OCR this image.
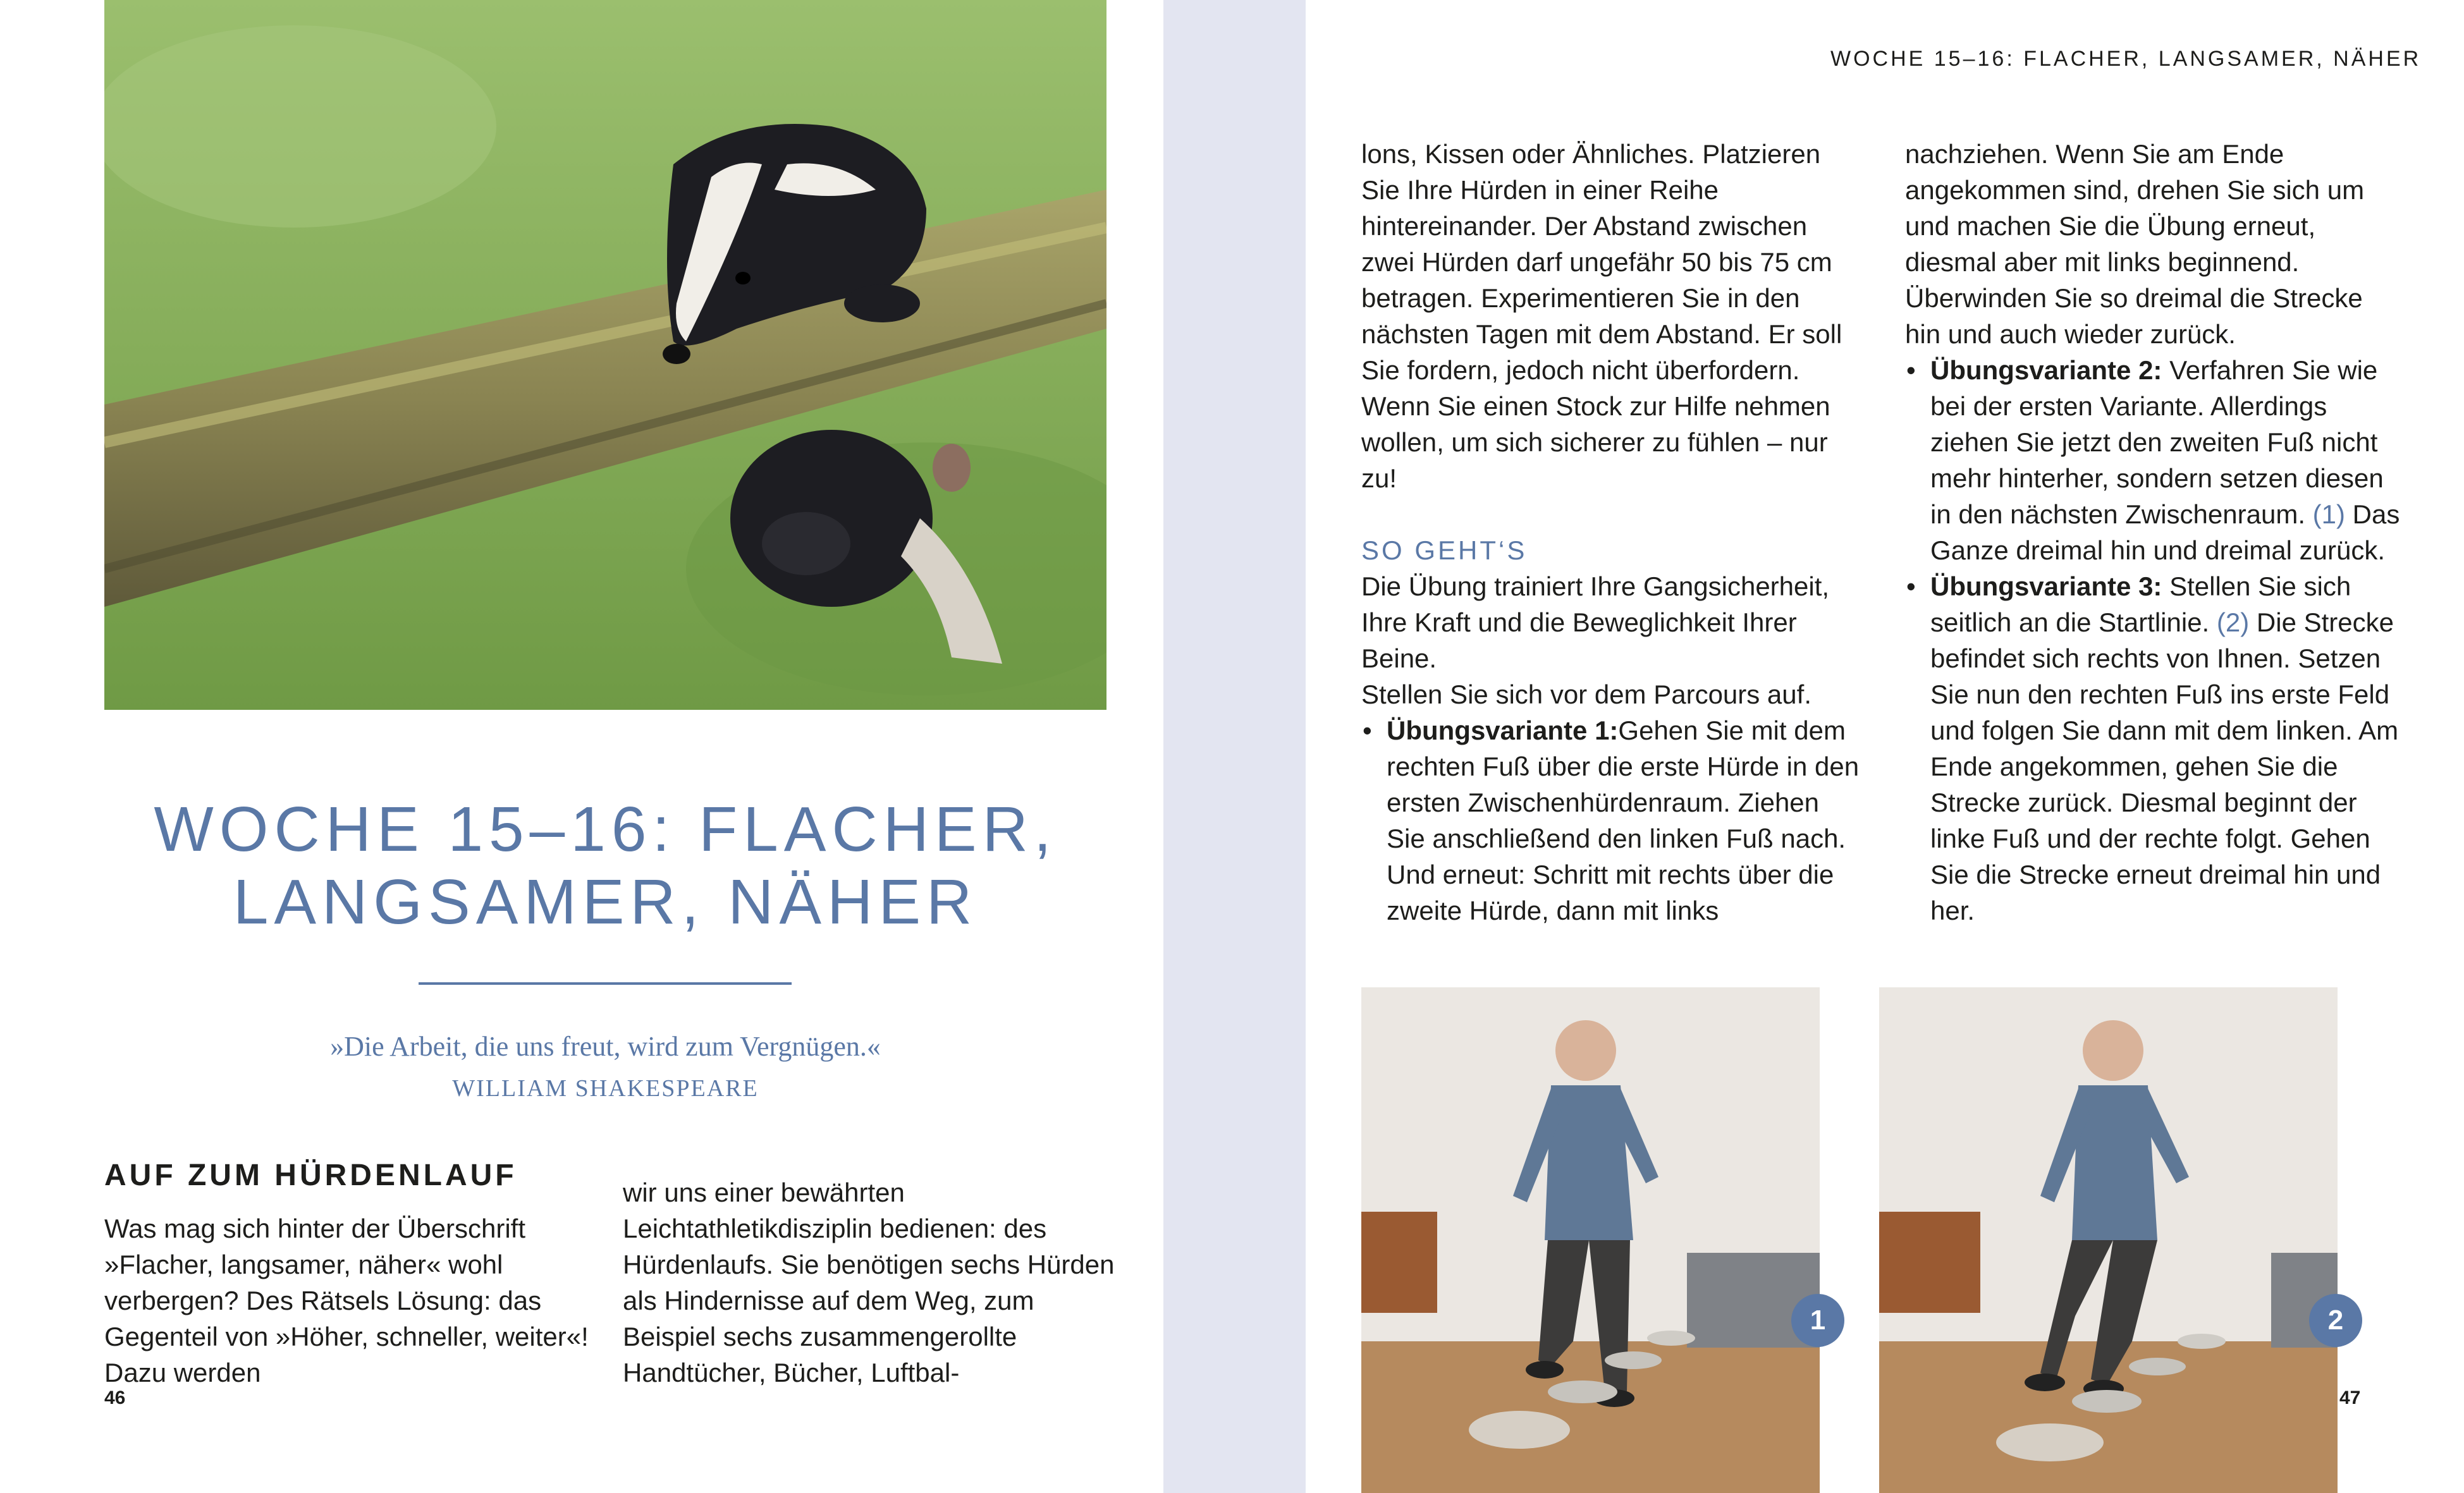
WOCHE 15–16: FLACHER,
LANGSAMER, NÄHER
»Die Arbeit, die uns freut, wird zum Vergnügen.«
WILLIAM SHAKESPEARE
AUF ZUM HÜRDENLAUF
Was mag sich hinter der Überschrift »Flacher, langsamer, näher« wohl verbergen? Des Rätsels Lösung: das Gegenteil von »Höher, schneller, weiter«! Dazu werden
wir uns einer bewährten Leichtathletikdisziplin bedienen: des Hürdenlaufs. Sie benötigen sechs Hürden als Hindernisse auf dem Weg, zum Beispiel sechs zusammengerollte Handtücher, Bücher, Luftbal-
46
WOCHE 15–16: FLACHER, LANGSAMER, NÄHER
lons, Kissen oder Ähnliches. Platzieren Sie Ihre Hürden in einer Reihe hintereinander. Der Abstand zwischen zwei Hürden darf ungefähr 50 bis 75 cm betragen. Experimentieren Sie in den nächsten Tagen mit dem Abstand. Er soll Sie fordern, jedoch nicht überfordern. Wenn Sie einen Stock zur Hilfe nehmen wollen, um sich sicherer zu fühlen – nur zu!
SO GEHT‘S
Die Übung trainiert Ihre Gangsicherheit, Ihre Kraft und die Beweglichkeit Ihrer Beine.
Stellen Sie sich vor dem Parcours auf.
• Übungsvariante 1:Gehen Sie mit dem rechten Fuß über die erste Hürde in den ersten Zwischenhürdenraum. Ziehen Sie anschließend den linken Fuß nach. Und erneut: Schritt mit rechts über die zweite Hürde, dann mit links
nachziehen. Wenn Sie am Ende angekommen sind, drehen Sie sich um und machen Sie die Übung erneut, diesmal aber mit links beginnend. Überwinden Sie so dreimal die Strecke hin und auch wieder zurück.
• Übungsvariante 2: Verfahren Sie wie bei der ersten Variante. Allerdings ziehen Sie jetzt den zweiten Fuß nicht mehr hinterher, sondern setzen diesen in den nächsten Zwischenraum. (1) Das Ganze dreimal hin und dreimal zurück.
• Übungsvariante 3: Stellen Sie sich seitlich an die Startlinie. (2) Die Strecke befindet sich rechts von Ihnen. Setzen Sie nun den rechten Fuß ins erste Feld und folgen Sie dann mit dem linken. Am Ende angekommen, gehen Sie die Strecke zurück. Diesmal beginnt der linke Fuß und der rechte folgt. Gehen Sie die Strecke erneut dreimal hin und her.
1	2
47
